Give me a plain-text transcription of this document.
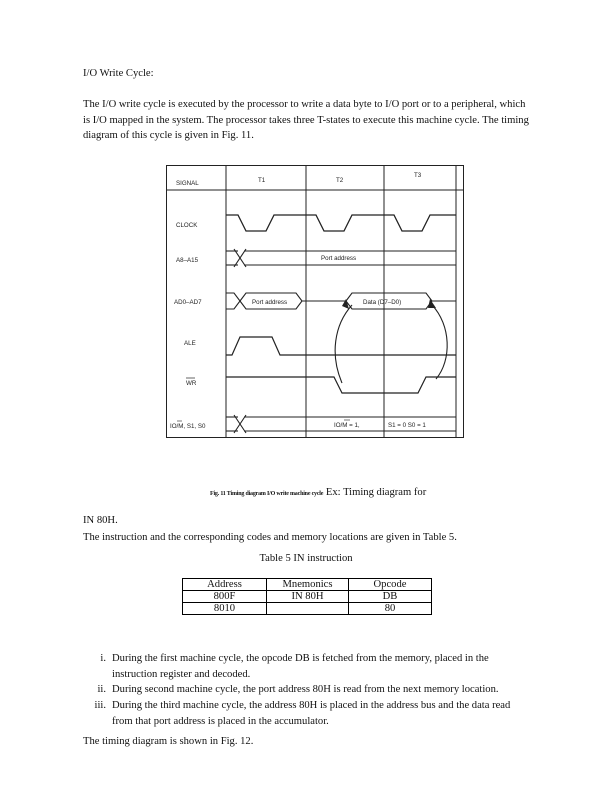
I/O Write Cycle:

The I/O write cycle is executed by the processor to write a data byte to I/O port or to a peripheral, which is I/O mapped in the system. The processor takes three T-states to execute this machine cycle. The timing diagram of this cycle is given in Fig. 11.

SIGNAL	T1	T2
T3
CLOCK
A8–A15
AD0–AD7
ALE
WR
IO/M, S1, S0
Port address
Port address	Data (D7–D0)
IO/M = 1,	S1 = 0 S0 = 1
Fig. 11 Timing diagram I/O write machine cycle Ex: Timing diagram for

IN 80H.

The instruction and the corresponding codes and memory locations are given in Table 5.

Table 5 IN instruction
Address	Mnemonics	Opcode
800F	IN 80H	DB
8010		80
i. During the first machine cycle, the opcode DB is fetched from the memory, placed in the instruction register and decoded.
ii. During second machine cycle, the port address 80H is read from the next memory location.
iii. During the third machine cycle, the address 80H is placed in the address bus and the data read from that port address is placed in the accumulator.

The timing diagram is shown in Fig. 12.
